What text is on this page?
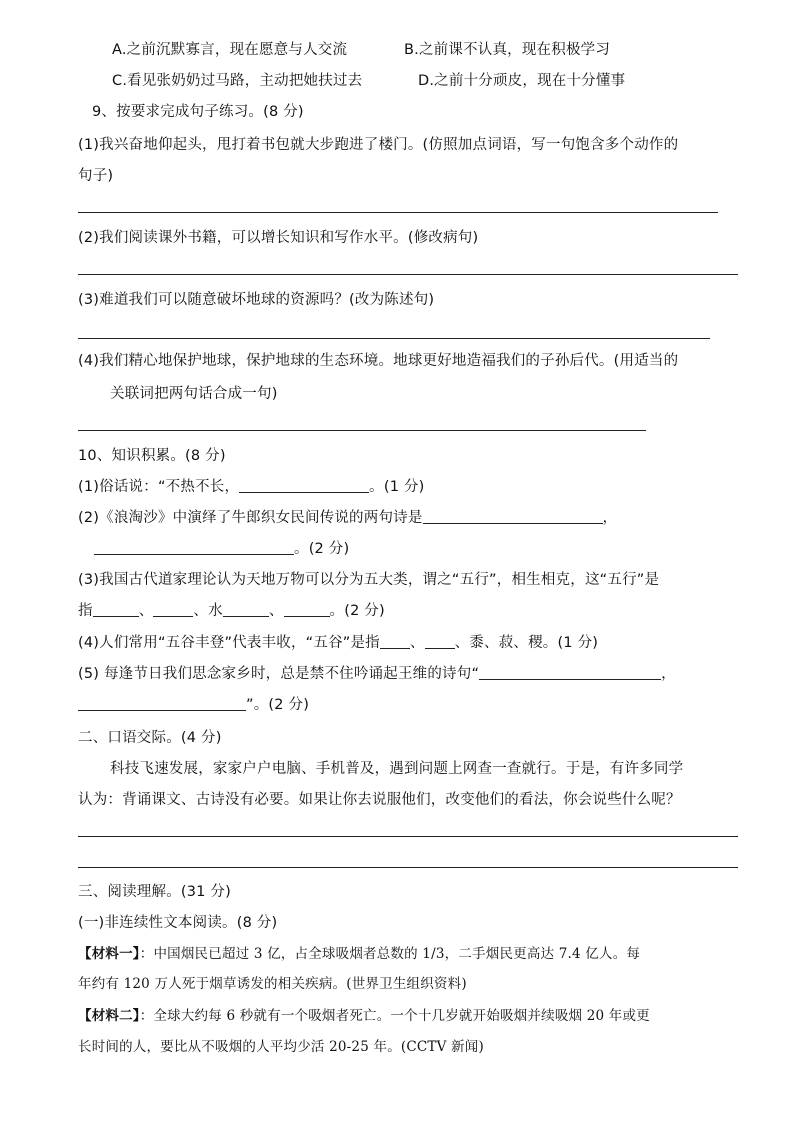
A.之前沉默寡言，现在愿意与人交流	B.之前课不认真，现在积极学习
C.看见张奶奶过马路，主动把她扶过去	D.之前十分顽皮，现在十分懂事
9、按要求完成句子练习。(8 分)
(1)我兴奋地仰起头，甩打着书包就大步跑进了楼门。(仿照加点词语，写一句饱含多个动作的
句子)
(2)我们阅读课外书籍，可以增长知识和写作水平。(修改病句)
(3)难道我们可以随意破坏地球的资源吗？(改为陈述句)
(4)我们精心地保护地球，保护地球的生态环境。地球更好地造福我们的子孙后代。(用适当的
关联词把两句话合成一句)
10、知识积累。(8 分)
(1)俗话说：“不热不长，	。(1 分)
(2)《浪淘沙》中演绎了牛郎织女民间传说的两句诗是	，
。(2 分)
(3)我国古代道家理论认为天地万物可以分为五大类，谓之“五行”，相生相克，这“五行”是
指	、	、水	、	。(2 分)
(4)人们常用“五谷丰登”代表丰收，“五谷”是指 、 、黍、菽、稷。(1 分)
(5) 每逢节日我们思念家乡时，总是禁不住吟诵起王维的诗句“	，
”。(2 分)
二、口语交际。(4 分)
科技飞速发展，家家户户电脑、手机普及，遇到问题上网查一查就行。于是，有许多同学
认为：背诵课文、古诗没有必要。如果让你去说服他们，改变他们的看法，你会说些什么呢？
三、阅读理解。(31 分)
(一)非连续性文本阅读。(8 分)
【材料一】：中国烟民已超过 3 亿，占全球吸烟者总数的 1/3，二手烟民更高达 7.4 亿人。每
年约有 120 万人死于烟草诱发的相关疾病。(世界卫生组织资料)
【材料二】：全球大约每 6 秒就有一个吸烟者死亡。一个十几岁就开始吸烟并续吸烟 20 年或更
长时间的人，要比从不吸烟的人平均少活 20-25 年。(CCTV 新闻)
